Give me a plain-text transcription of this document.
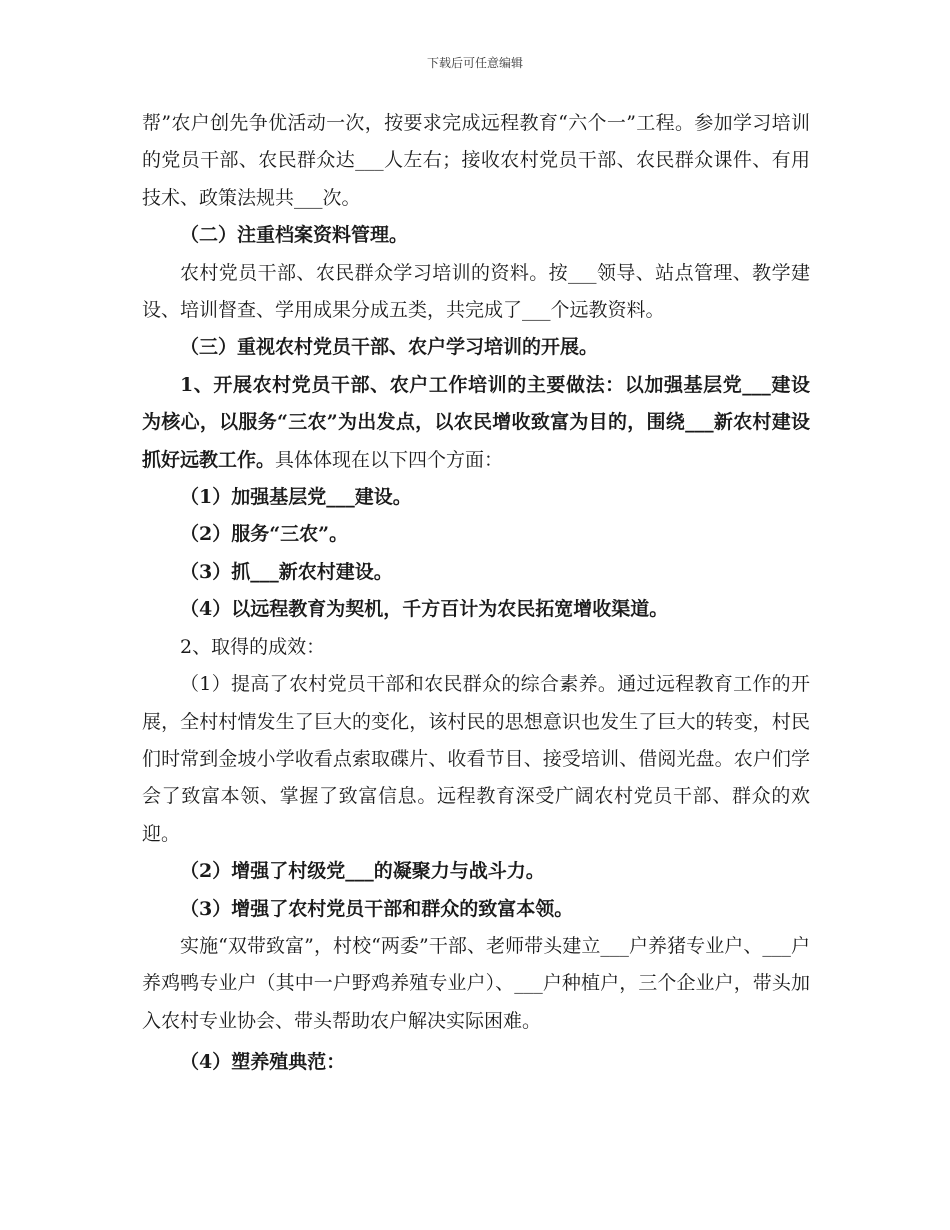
下载后可任意编辑

帮”农户创先争优活动一次，按要求完成远程教育“六个一”工程。参加学习培训的党员干部、农民群众达___人左右；接收农村党员干部、农民群众课件、有用技术、政策法规共___次。

（二）注重档案资料管理。

农村党员干部、农民群众学习培训的资料。按___领导、站点管理、教学建设、培训督查、学用成果分成五类，共完成了___个远教资料。

（三）重视农村党员干部、农户学习培训的开展。

1、开展农村党员干部、农户工作培训的主要做法：以加强基层党___建设为核心，以服务“三农”为出发点，以农民增收致富为目的，围绕___新农村建设抓好远教工作。具体体现在以下四个方面：

（1）加强基层党___建设。

（2）服务“三农”。

（3）抓___新农村建设。

（4）以远程教育为契机，千方百计为农民拓宽增收渠道。

2、取得的成效：

（1）提高了农村党员干部和农民群众的综合素养。通过远程教育工作的开展，全村村情发生了巨大的变化，该村民的思想意识也发生了巨大的转变，村民们时常到金坡小学收看点索取碟片、收看节目、接受培训、借阅光盘。农户们学会了致富本领、掌握了致富信息。远程教育深受广阔农村党员干部、群众的欢迎。

（2）增强了村级党___的凝聚力与战斗力。

（3）增强了农村党员干部和群众的致富本领。

实施“双带致富”，村校“两委”干部、老师带头建立___户养猪专业户、___户养鸡鸭专业户（其中一户野鸡养殖专业户）、___户种植户，三个企业户，带头加入农村专业协会、带头帮助农户解决实际困难。

（4）塑养殖典范：
